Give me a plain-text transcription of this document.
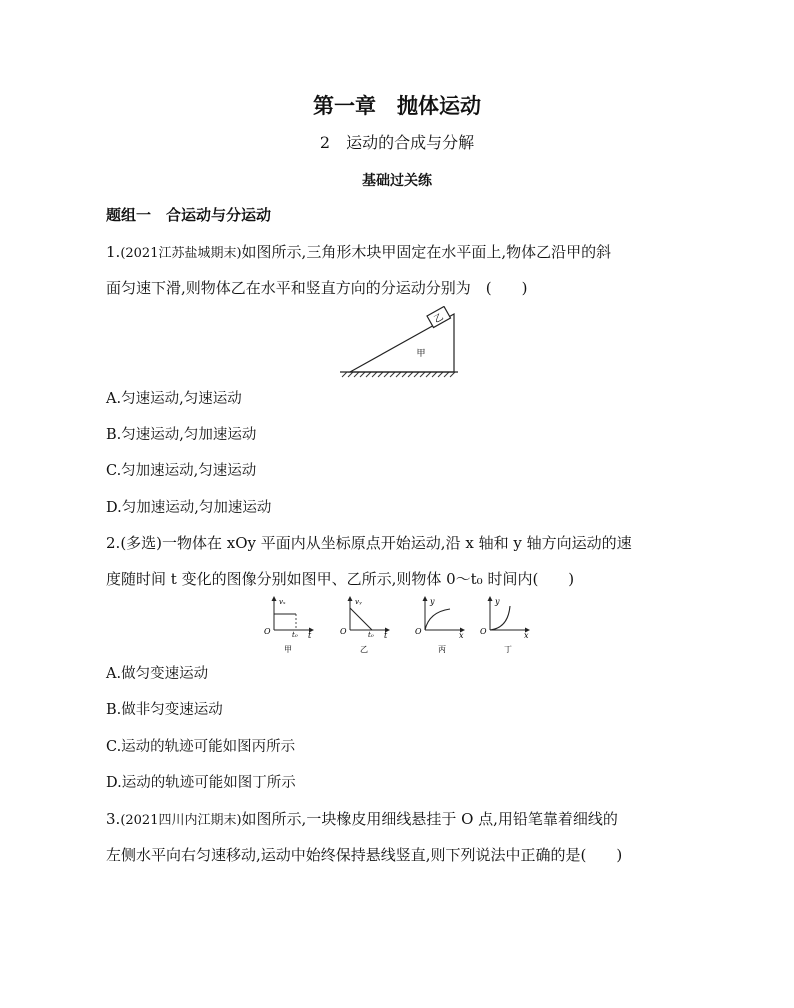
第一章　抛体运动
2　运动的合成与分解
基础过关练
题组一　合运动与分运动
1.(2021江苏盐城期末)如图所示,三角形木块甲固定在水平面上,物体乙沿甲的斜
面匀速下滑,则物体乙在水平和竖直方向的分运动分别为　(　　)
乙
甲
A.匀速运动,匀速运动
B.匀速运动,匀加速运动
C.匀加速运动,匀速运动
D.匀加速运动,匀加速运动
2.(多选)一物体在 xOy 平面内从坐标原点开始运动,沿 x 轴和 y 轴方向运动的速
度随时间 t 变化的图像分别如图甲、乙所示,则物体 0～t₀ 时间内(　　)
vₓ
O	t₀ t
甲
vᵧ
O	t₀ t
乙
y
O	x
丙
y
O	x
丁
A.做匀变速运动
B.做非匀变速运动
C.运动的轨迹可能如图丙所示
D.运动的轨迹可能如图丁所示
3.(2021四川内江期末)如图所示,一块橡皮用细线悬挂于 O 点,用铅笔靠着细线的
左侧水平向右匀速移动,运动中始终保持悬线竖直,则下列说法中正确的是(　　)
